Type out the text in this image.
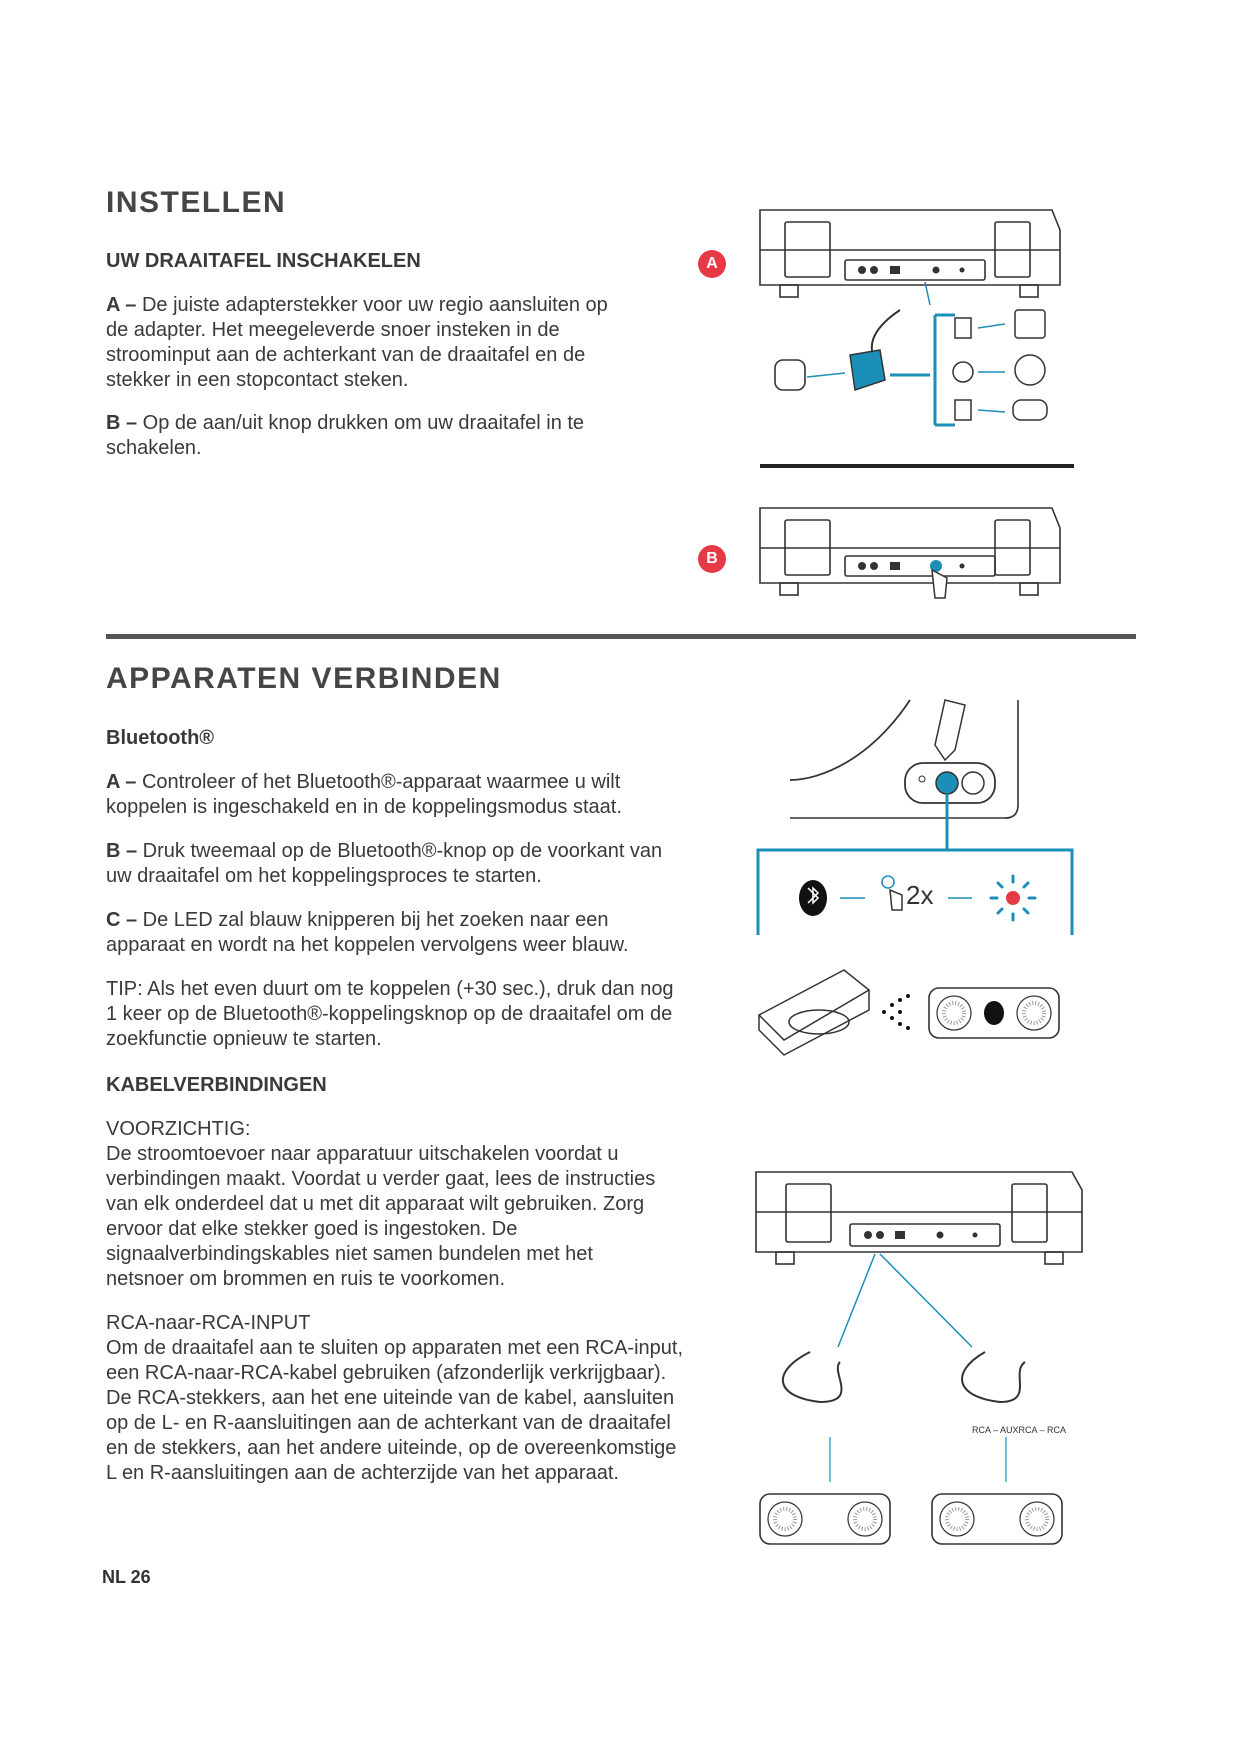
INSTELLEN
UW DRAAITAFEL INSCHAKELEN

A – De juiste adapterstekker voor uw regio aansluiten op de adapter. Het meegeleverde snoer insteken in de stroominput aan de achterkant van de draaitafel en de stekker in een stopcontact steken.

B – Op de aan/uit knop drukken om uw draaitafel in te schakelen.

A
B
APPARATEN VERBINDEN
Bluetooth®

A – Controleer of het Bluetooth®-apparaat waarmee u wilt koppelen is ingeschakeld en in de koppelingsmodus staat.

B – Druk tweemaal op de Bluetooth®-knop op de voorkant van uw draaitafel om het koppelingsproces te starten.

C – De LED zal blauw knipperen bij het zoeken naar een apparaat en wordt na het koppelen vervolgens weer blauw.

TIP: Als het even duurt om te koppelen (+30 sec.), druk dan nog 1 keer op de Bluetooth®-koppelingsknop op de draaitafel om de zoekfunctie opnieuw te starten.

2x
KABELVERBINDINGEN

VOORZICHTIG:

De stroomtoevoer naar apparatuur uitschakelen voordat u verbindingen maakt. Voordat u verder gaat, lees de instructies van elk onderdeel dat u met dit apparaat wilt gebruiken. Zorg ervoor dat elke stekker goed is ingestoken. De signaalverbindingskables niet samen bundelen met het netsnoer om brommen en ruis te voorkomen.

RCA-naar-RCA-INPUT

Om de draaitafel aan te sluiten op apparaten met een RCA-input, een RCA-naar-RCA-kabel gebruiken (afzonderlijk verkrijgbaar). De RCA-stekkers, aan het ene uiteinde van de kabel, aansluiten op de L- en R-aansluitingen aan de achterkant van de draaitafel en de stekkers, aan het andere uiteinde, op de overeenkomstige L en R-aansluitingen aan de achterzijde van het apparaat.

RCA – AUXRCA – RCA
NL 26
